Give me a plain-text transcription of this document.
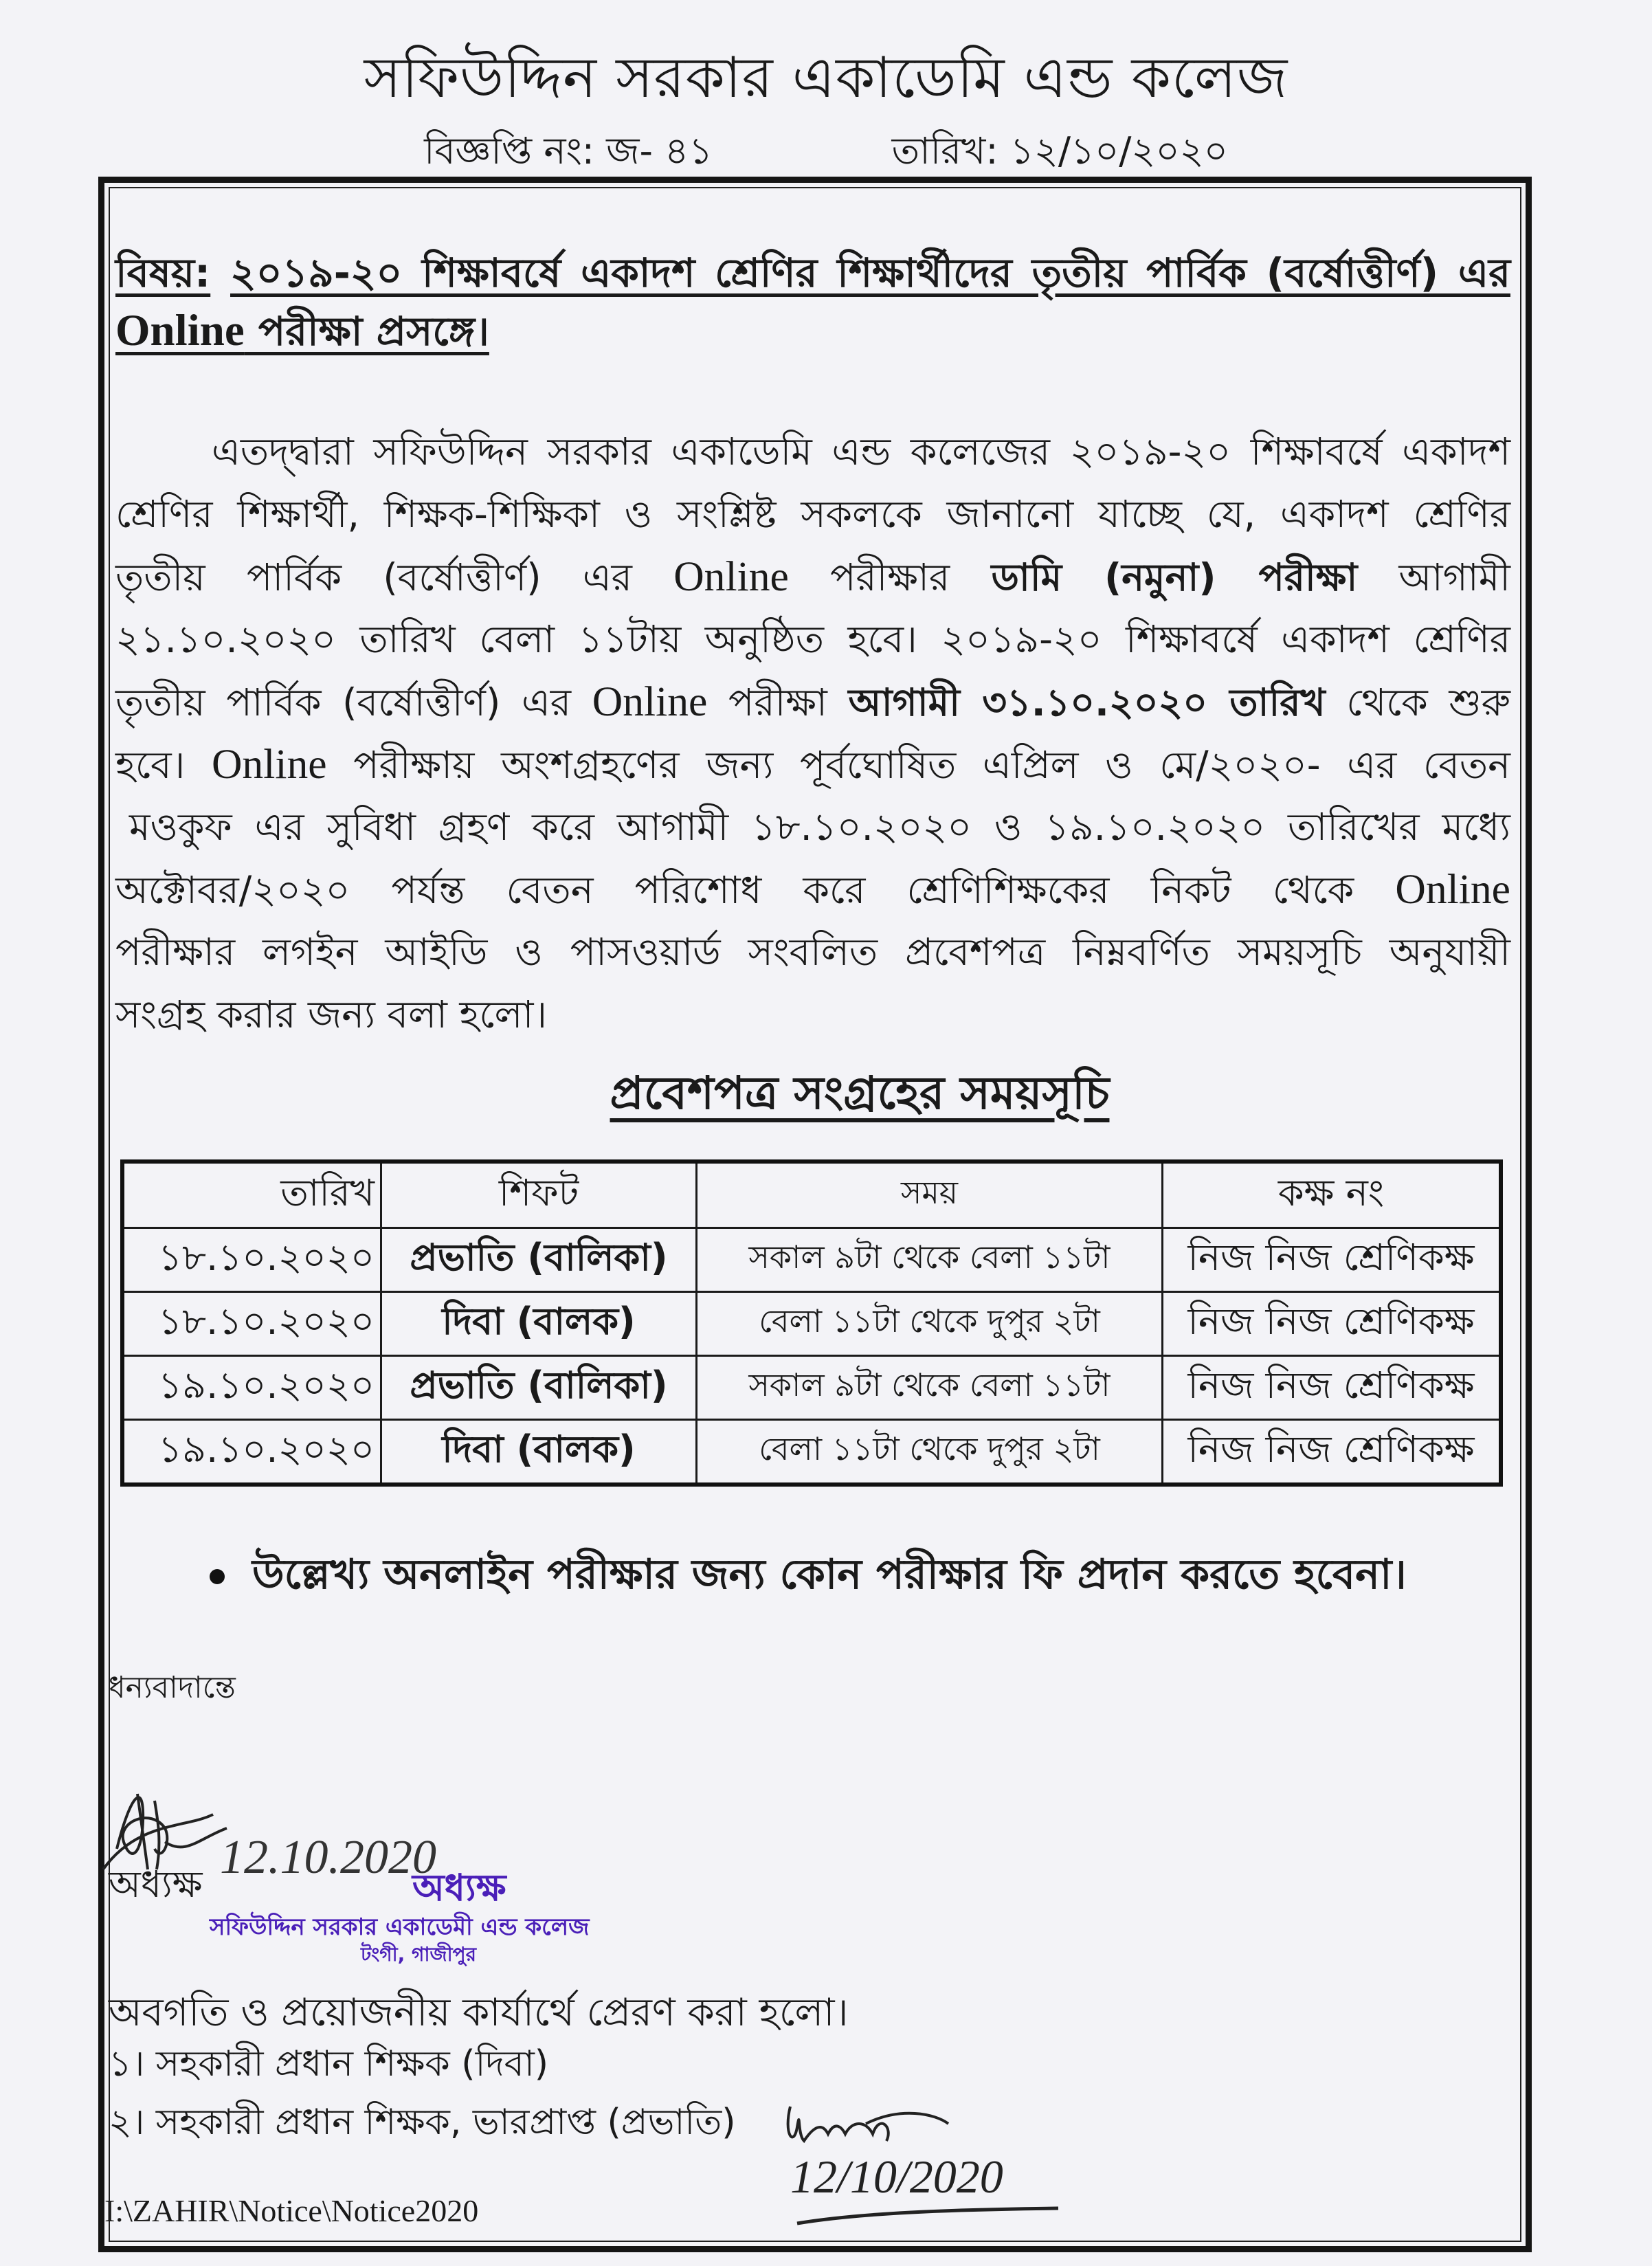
সফিউদ্দিন সরকার একাডেমি এন্ড কলেজ
বিজ্ঞপ্তি নং: জ- ৪১	তারিখ: ১২/১০/২০২০
বিষয়: ২০১৯-২০ শিক্ষাবর্ষে একাদশ শ্রেণির শিক্ষার্থীদের তৃতীয় পার্বিক (বর্ষোত্তীর্ণ) এর
Online পরীক্ষা প্রসঙ্গে।
এতদ্দ্বারা সফিউদ্দিন সরকার একাডেমি এন্ড কলেজের ২০১৯-২০ শিক্ষাবর্ষে একাদশ
শ্রেণির শিক্ষার্থী, শিক্ষক-শিক্ষিকা ও সংশ্লিষ্ট সকলকে জানানো যাচ্ছে যে, একাদশ শ্রেণির
তৃতীয় পার্বিক (বর্ষোত্তীর্ণ) এর Online পরীক্ষার ডামি (নমুনা) পরীক্ষা আগামী
২১.১০.২০২০ তারিখ বেলা ১১টায় অনুষ্ঠিত হবে। ২০১৯-২০ শিক্ষাবর্ষে একাদশ শ্রেণির
তৃতীয় পার্বিক (বর্ষোত্তীর্ণ) এর Online পরীক্ষা আগামী ৩১.১০.২০২০ তারিখ থেকে শুরু
হবে। Online পরীক্ষায় অংশগ্রহণের জন্য পূর্বঘোষিত এপ্রিল ও মে/২০২০- এর বেতন
মওকুফ এর সুবিধা গ্রহণ করে আগামী ১৮.১০.২০২০ ও ১৯.১০.২০২০ তারিখের মধ্যে
অক্টোবর/২০২০ পর্যন্ত বেতন পরিশোধ করে শ্রেণিশিক্ষকের নিকট থেকে Online
পরীক্ষার লগইন আইডি ও পাসওয়ার্ড সংবলিত প্রবেশপত্র নিম্নবর্ণিত সময়সূচি অনুযায়ী
সংগ্রহ করার জন্য বলা হলো।
প্রবেশপত্র সংগ্রহের সময়সূচি
তারিখ	শিফট	সময়	কক্ষ নং
১৮.১০.২০২০	প্রভাতি (বালিকা)	সকাল ৯টা থেকে বেলা ১১টা	নিজ নিজ শ্রেণিকক্ষ
১৮.১০.২০২০	দিবা (বালক)	বেলা ১১টা থেকে দুপুর ২টা	নিজ নিজ শ্রেণিকক্ষ
১৯.১০.২০২০	প্রভাতি (বালিকা)	সকাল ৯টা থেকে বেলা ১১টা	নিজ নিজ শ্রেণিকক্ষ
১৯.১০.২০২০	দিবা (বালক)	বেলা ১১টা থেকে দুপুর ২টা	নিজ নিজ শ্রেণিকক্ষ
উল্লেখ্য অনলাইন পরীক্ষার জন্য কোন পরীক্ষার ফি প্রদান করতে হবেনা।
ধন্যবাদান্তে
12.10.2020
অধ্যক্ষ	অধ্যক্ষ
সফিউদ্দিন সরকার একাডেমী এন্ড কলেজ
টংগী, গাজীপুর
অবগতি ও প্রয়োজনীয় কার্যার্থে প্রেরণ করা হলো।
১। সহকারী প্রধান শিক্ষক (দিবা)
২। সহকারী প্রধান শিক্ষক, ভারপ্রাপ্ত (প্রভাতি)
12/10/2020
I:\ZAHIR\Notice\Notice2020
